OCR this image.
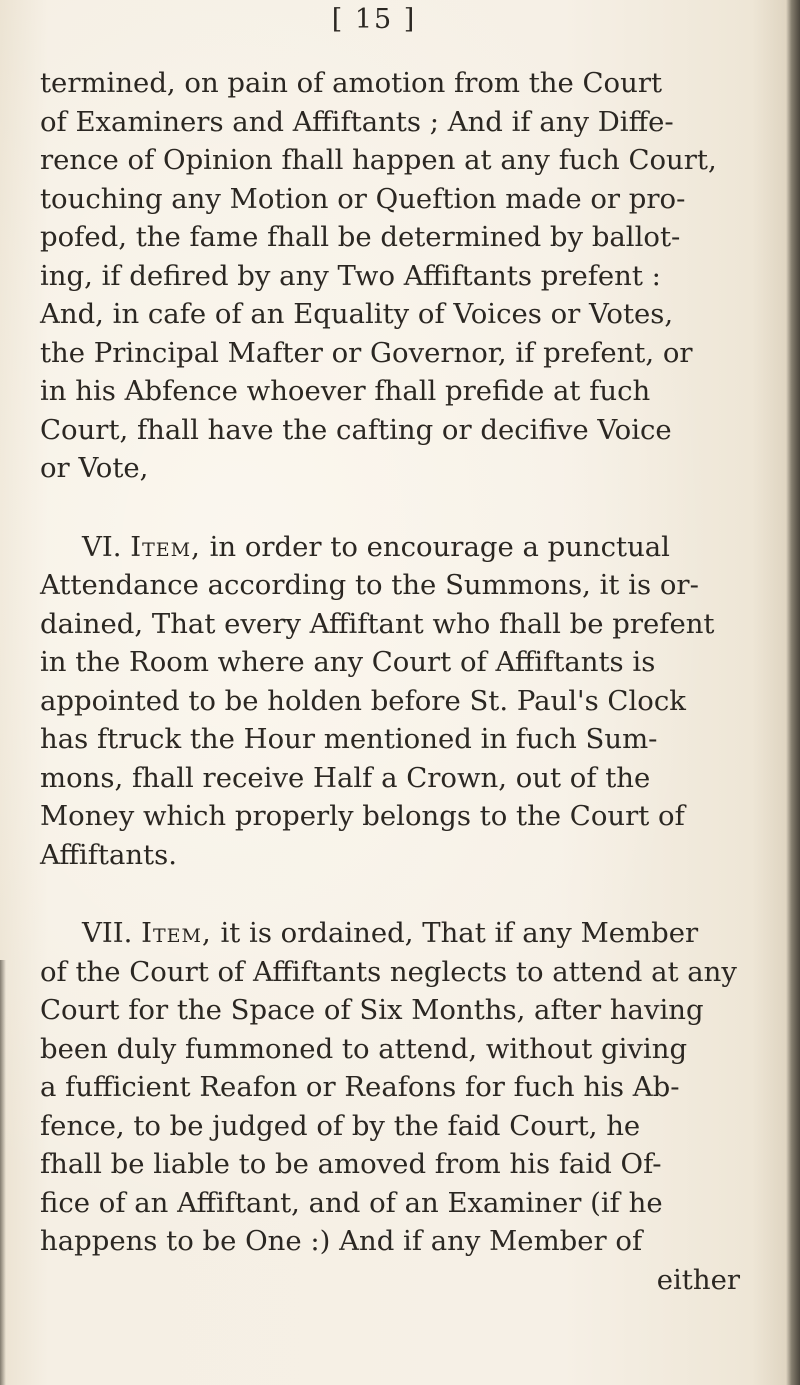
[ 15 ]
termined, on pain of amotion from the Court
of Examiners and Affiftants ; And if any Diffe-
rence of Opinion fhall happen at any fuch Court,
touching any Motion or Queftion made or pro-
pofed, the fame fhall be determined by ballot-
ing, if defired by any Two Affiftants prefent :
And, in cafe of an Equality of Voices or Votes,
the Principal Mafter or Governor, if prefent, or
in his Abfence whoever fhall prefide at fuch
Court, fhall have the cafting or decifive Voice
or Vote,
VI. Item, in order to encourage a punctual
Attendance according to the Summons, it is or-
dained, That every Affiftant who fhall be prefent
in the Room where any Court of Affiftants is
appointed to be holden before St. Paul's Clock
has ftruck the Hour mentioned in fuch Sum-
mons, fhall receive Half a Crown, out of the
Money which properly belongs to the Court of
Affiftants.
VII. Item, it is ordained, That if any Member
of the Court of Affiftants neglects to attend at any
Court for the Space of Six Months, after having
been duly fummoned to attend, without giving
a fufficient Reafon or Reafons for fuch his Ab-
fence, to be judged of by the faid Court, he
fhall be liable to be amoved from his faid Of-
fice of an Affiftant, and of an Examiner (if he
happens to be One :) And if any Member of
either
